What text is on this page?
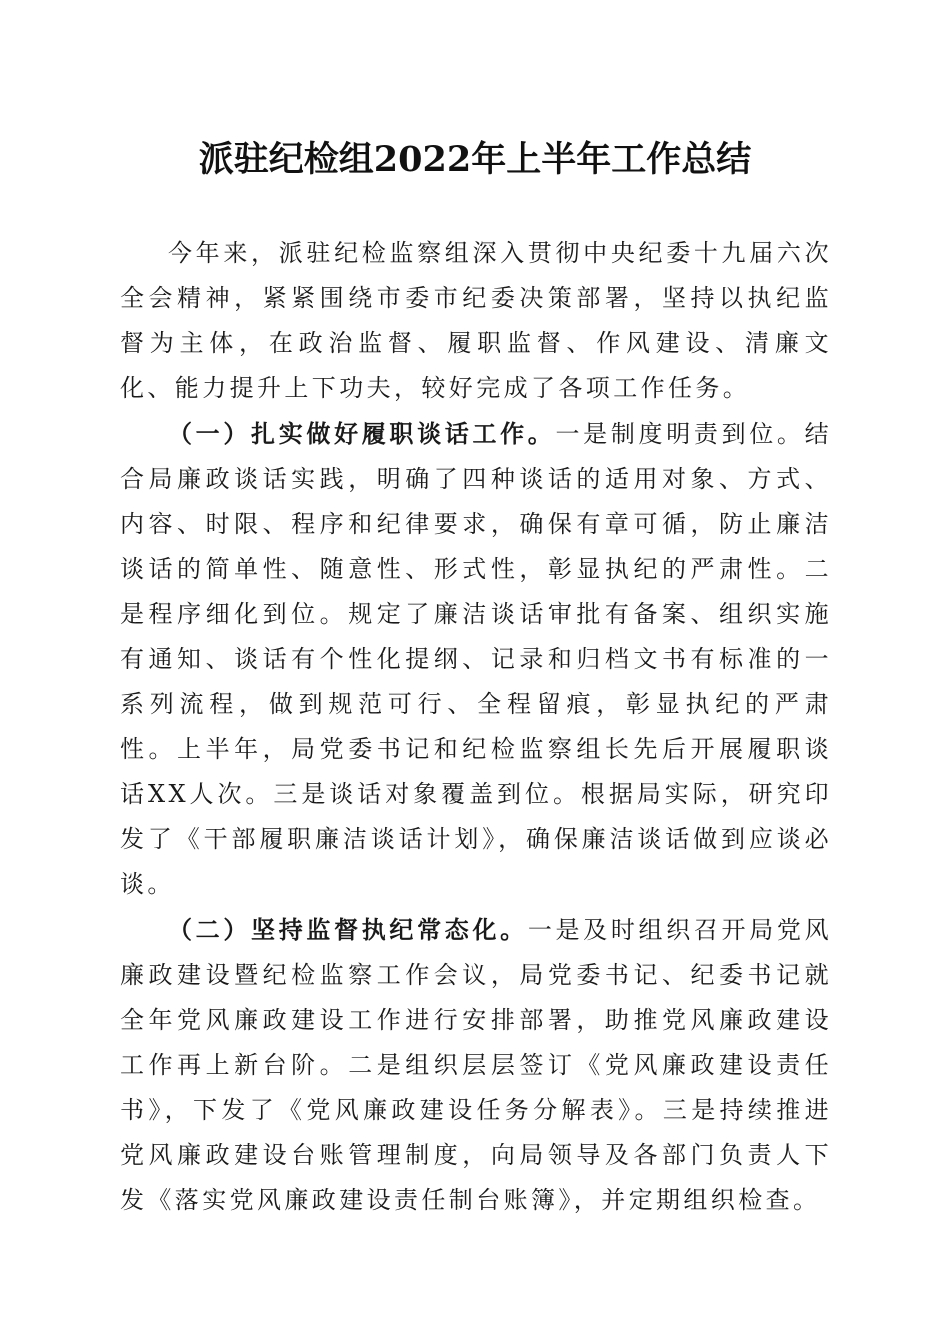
派驻纪检组2022年上半年工作总结

今年来，派驻纪检监察组深入贯彻中央纪委十九届六次全会精神，紧紧围绕市委市纪委决策部署，坚持以执纪监督为主体，在政治监督、履职监督、作风建设、清廉文化、能力提升上下功夫，较好完成了各项工作任务。

（一）扎实做好履职谈话工作。一是制度明责到位。结合局廉政谈话实践，明确了四种谈话的适用对象、方式、内容、时限、程序和纪律要求，确保有章可循，防止廉洁谈话的简单性、随意性、形式性，彰显执纪的严肃性。二是程序细化到位。规定了廉洁谈话审批有备案、组织实施有通知、谈话有个性化提纲、记录和归档文书有标准的一系列流程，做到规范可行、全程留痕，彰显执纪的严肃性。上半年，局党委书记和纪检监察组长先后开展履职谈话XX人次。三是谈话对象覆盖到位。根据局实际，研究印发了《干部履职廉洁谈话计划》，确保廉洁谈话做到应谈必谈。

（二）坚持监督执纪常态化。一是及时组织召开局党风廉政建设暨纪检监察工作会议，局党委书记、纪委书记就全年党风廉政建设工作进行安排部署，助推党风廉政建设工作再上新台阶。二是组织层层签订《党风廉政建设责任书》，下发了《党风廉政建设任务分解表》。三是持续推进党风廉政建设台账管理制度，向局领导及各部门负责人下发《落实党风廉政建设责任制台账簿》，并定期组织检查。
